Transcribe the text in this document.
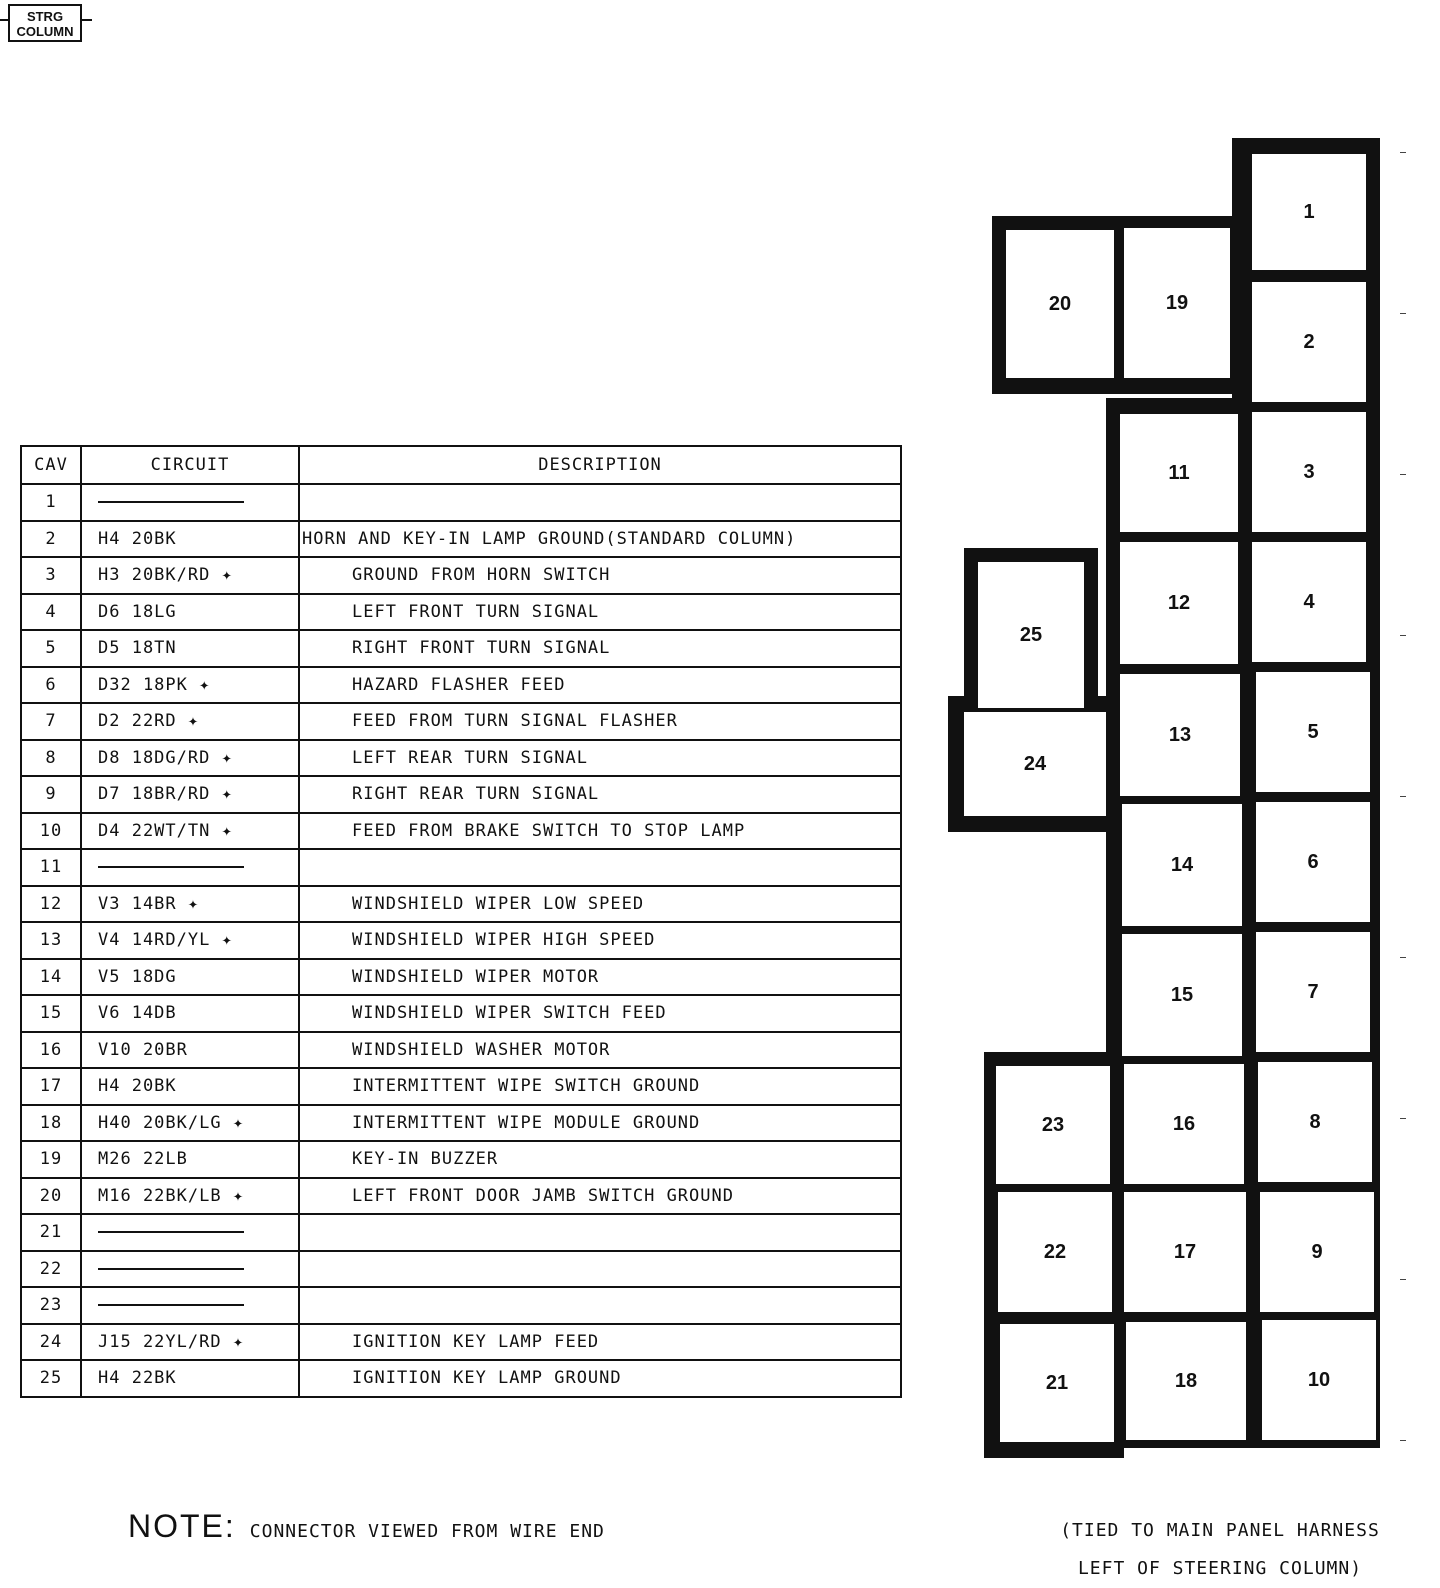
STRG
COLUMN
CAV	CIRCUIT	DESCRIPTION
1		
2	H4 20BK	HORN AND KEY-IN LAMP GROUND(STANDARD COLUMN)
3	H3 20BK/RD ✦	GROUND FROM HORN SWITCH
4	D6 18LG	LEFT FRONT TURN SIGNAL
5	D5 18TN	RIGHT FRONT TURN SIGNAL
6	D32 18PK ✦	HAZARD FLASHER FEED
7	D2 22RD ✦	FEED FROM TURN SIGNAL FLASHER
8	D8 18DG/RD ✦	LEFT REAR TURN SIGNAL
9	D7 18BR/RD ✦	RIGHT REAR TURN SIGNAL
10	D4 22WT/TN ✦	FEED FROM BRAKE SWITCH TO STOP LAMP
11		
12	V3 14BR ✦	WINDSHIELD WIPER LOW SPEED
13	V4 14RD/YL ✦	WINDSHIELD WIPER HIGH SPEED
14	V5 18DG	WINDSHIELD WIPER MOTOR
15	V6 14DB	WINDSHIELD WIPER SWITCH FEED
16	V10 20BR	WINDSHIELD WASHER MOTOR
17	H4 20BK	INTERMITTENT WIPE SWITCH GROUND
18	H40 20BK/LG ✦	INTERMITTENT WIPE MODULE GROUND
19	M26 22LB	KEY-IN BUZZER
20	M16 22BK/LB ✦	LEFT FRONT DOOR JAMB SWITCH GROUND
21		
22		
23		
24	J15 22YL/RD ✦	IGNITION KEY LAMP FEED
25	H4 22BK	IGNITION KEY LAMP GROUND
1
2
3
4
5
6
7
8
9
10
11
12
13
14
15
16
17
18
19
20
21
22
23
24
25
NOTE: CONNECTOR VIEWED FROM WIRE END	(TIED TO MAIN PANEL HARNESS
LEFT OF STEERING COLUMN)
